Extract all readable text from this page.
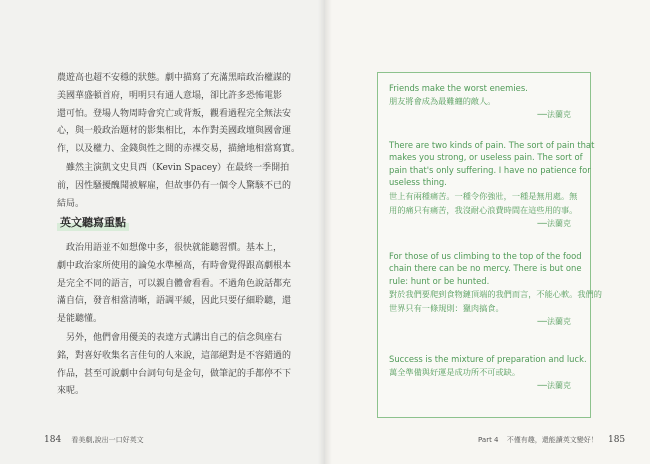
農遊高也超不安穩的狀態。劇中描寫了充滿黑暗政治權謀的
美國華盛頓首府，明明只有通人意塌，卻比許多恐怖電影
還可怕。登場人物周時會究亡或背叛，觀看過程完全無法安
心，與一般政治題材的影集相比，本作對美國政壇與國會運
作，以及權力、金錢與性之間的赤裸交易，描繪地相當寫實。
　雖然主演凱文史貝西（Kevin Spacey）在最終一季開拍
前，因性騷擾醜聞被解雇，但故事仍有一個令人驚駭不已的
結局。
英文聽寫重點
　政治用語並不如想像中多，很快就能聽習慣。基本上，
劇中政治家所使用的論兔水準極高，有時會覺得跟高劇根本
是完全不同的語言，可以親自體會看看。不過角色說話都充
滿自信，發音相當清晰，語調平緩，因此只要仔細聆聽，還
是能聽懂。
　另外，他們會用優美的表達方式講出自己的信念與座右
銘，對喜好收集名言佳句的人來說，這部絕對是不容錯過的
作品，甚至可說劇中台詞句句是金句，做筆記的手都停不下
來呢。
184 看美劇,說出一口好英文
Friends make the worst enemies.
朋友將會成為最難纏的敵人。
──法蘭克
There are two kinds of pain. The sort of pain that
makes you strong, or useless pain. The sort of
pain that's only suffering. I have no patience for
useless thing.
世上有兩種痛苦。一種令你強壯，一種是無用處。無
用的痛只有痛苦，我沒耐心浪費時間在這些用的事。
──法蘭克
For those of us climbing to the top of the food
chain there can be no mercy. There is but one
rule: hunt or be hunted.
對於我們要爬到食物鏈頂端的我們而言，不能心軟。我們的
世界只有一條規則：獵肉搞食。
──法蘭克
Success is the mixture of preparation and luck.
萬全準備與好運是成功所不可或缺。
──法蘭克
Part 4 不僅有趣，還能讀英文變好！ 185
